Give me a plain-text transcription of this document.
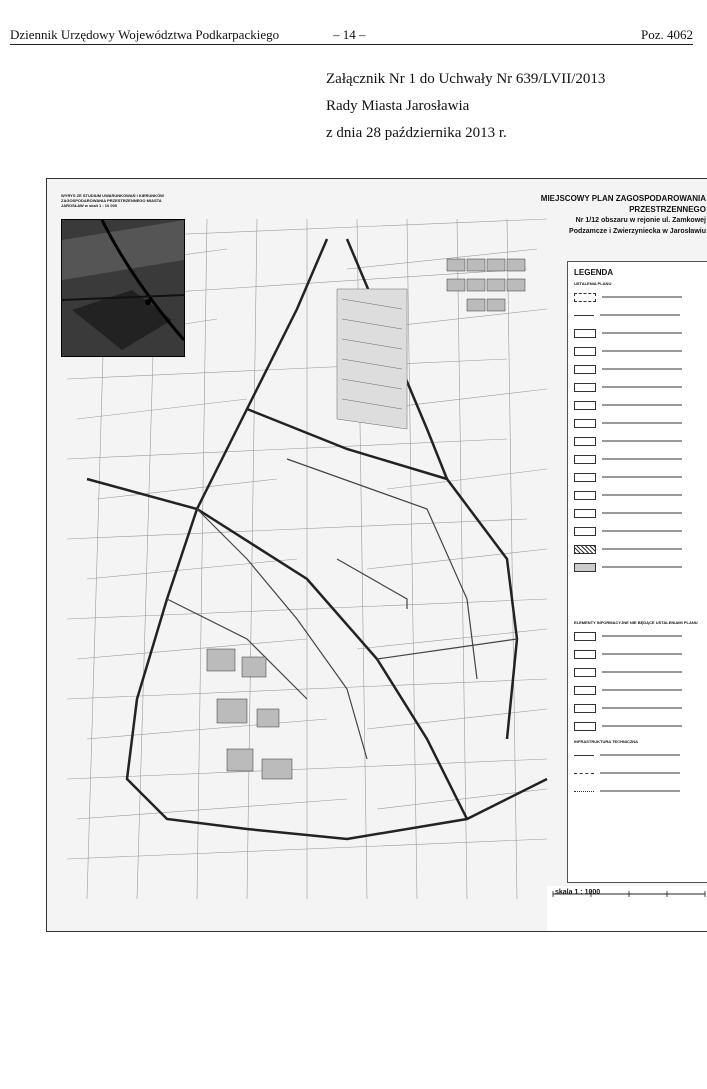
Dziennik Urzędowy Województwa Podkarpackiego	– 14 –	Poz. 4062
Załącznik Nr 1 do Uchwały Nr 639/LVII/2013
Rady Miasta Jarosławia
z dnia 28 października 2013 r.
WYRYS ZE STUDIUM UWARUNKOWAŃ I KIERUNKÓW ZAGOSPODAROWANIA PRZESTRZENNEGO MIASTA JAROSŁAW w skali 1 : 10 000
MIEJSCOWY PLAN ZAGOSPODAROWANIA PRZESTRZENNEGO
Nr 1/12 obszaru w rejonie ul. Zamkowej
Podzamcze i Zwierzyniecka w Jarosławiu
LEGENDA
USTALENIA PLANU
ELEMENTY INFORMACYJNE NIE BĘDĄCE USTALENIAMI PLANU
INFRASTRUKTURA TECHNICZNA
skala 1 : 1000
